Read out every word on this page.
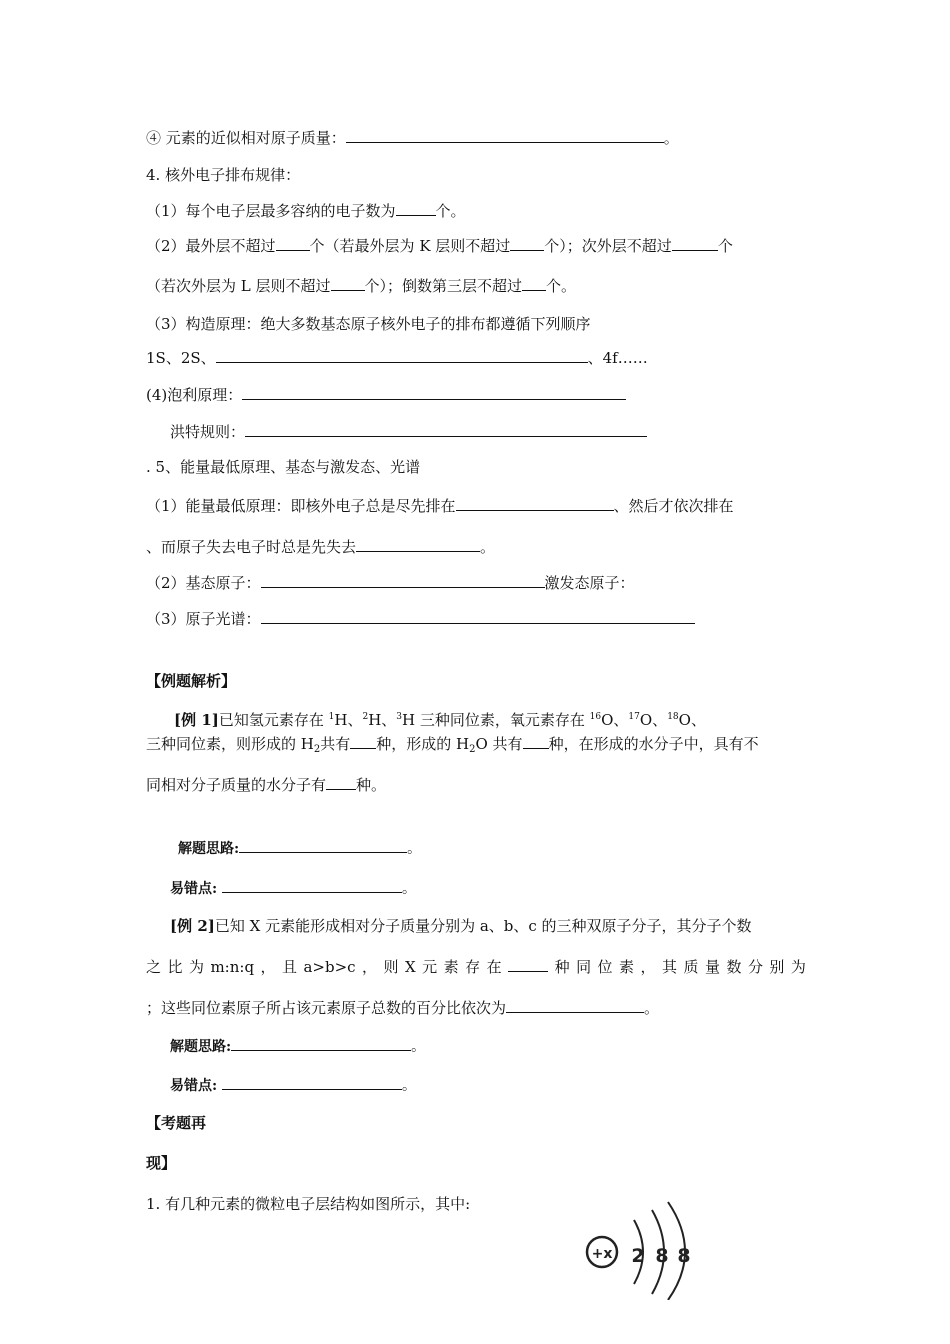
④ 元素的近似相对原子质量：	。
4. 核外电子排布规律：
（1）每个电子层最多容纳的电子数为	个。
（2）最外层不超过 个（若最外层为 K 层则不超过 个）；次外层不超过	个
（若次外层为 L 层则不超过 个）；倒数第三层不超过 个。
（3）构造原理：绝大多数基态原子核外电子的排布都遵循下列顺序
1S、2S、	、4f……
(4)泡利原理：
洪特规则：
. 5、能量最低原理、基态与激发态、光谱
（1）能量最低原理：即核外电子总是尽先排在	、然后才依次排在
、而原子失去电子时总是先失去	。
（2）基态原子：	激发态原子：
（3）原子光谱：
【例题解析】
[例 1]已知氢元素存在 $^1$H、$^2$H、$^3$H 三种同位素，氧元素存在 $^{16}$O、$^{17}$O、$^{18}$O、
三种同位素，则形成的 $H_2$共有 种，形成的 $H_2O$ 共有 种，在形成的水分子中，具有不
同相对分子质量的水分子有 种。
解题思路:	。
易错点:	。
[例 2]已知 X 元素能形成相对分子质量分别为 a、b、c 的三种双原子分子，其分子个数
之 比 为 m:n:q ， 且 a>b>c ， 则 X 元 素 存 在	种 同 位 素 ， 其 质 量 数 分 别 为
；这些同位素原子所占该元素原子总数的百分比依次为	。
解题思路:	。
易错点:	。
【考题再
现】
1. 有几种元素的微粒电子层结构如图所示，其中:
+x 2 8 8
